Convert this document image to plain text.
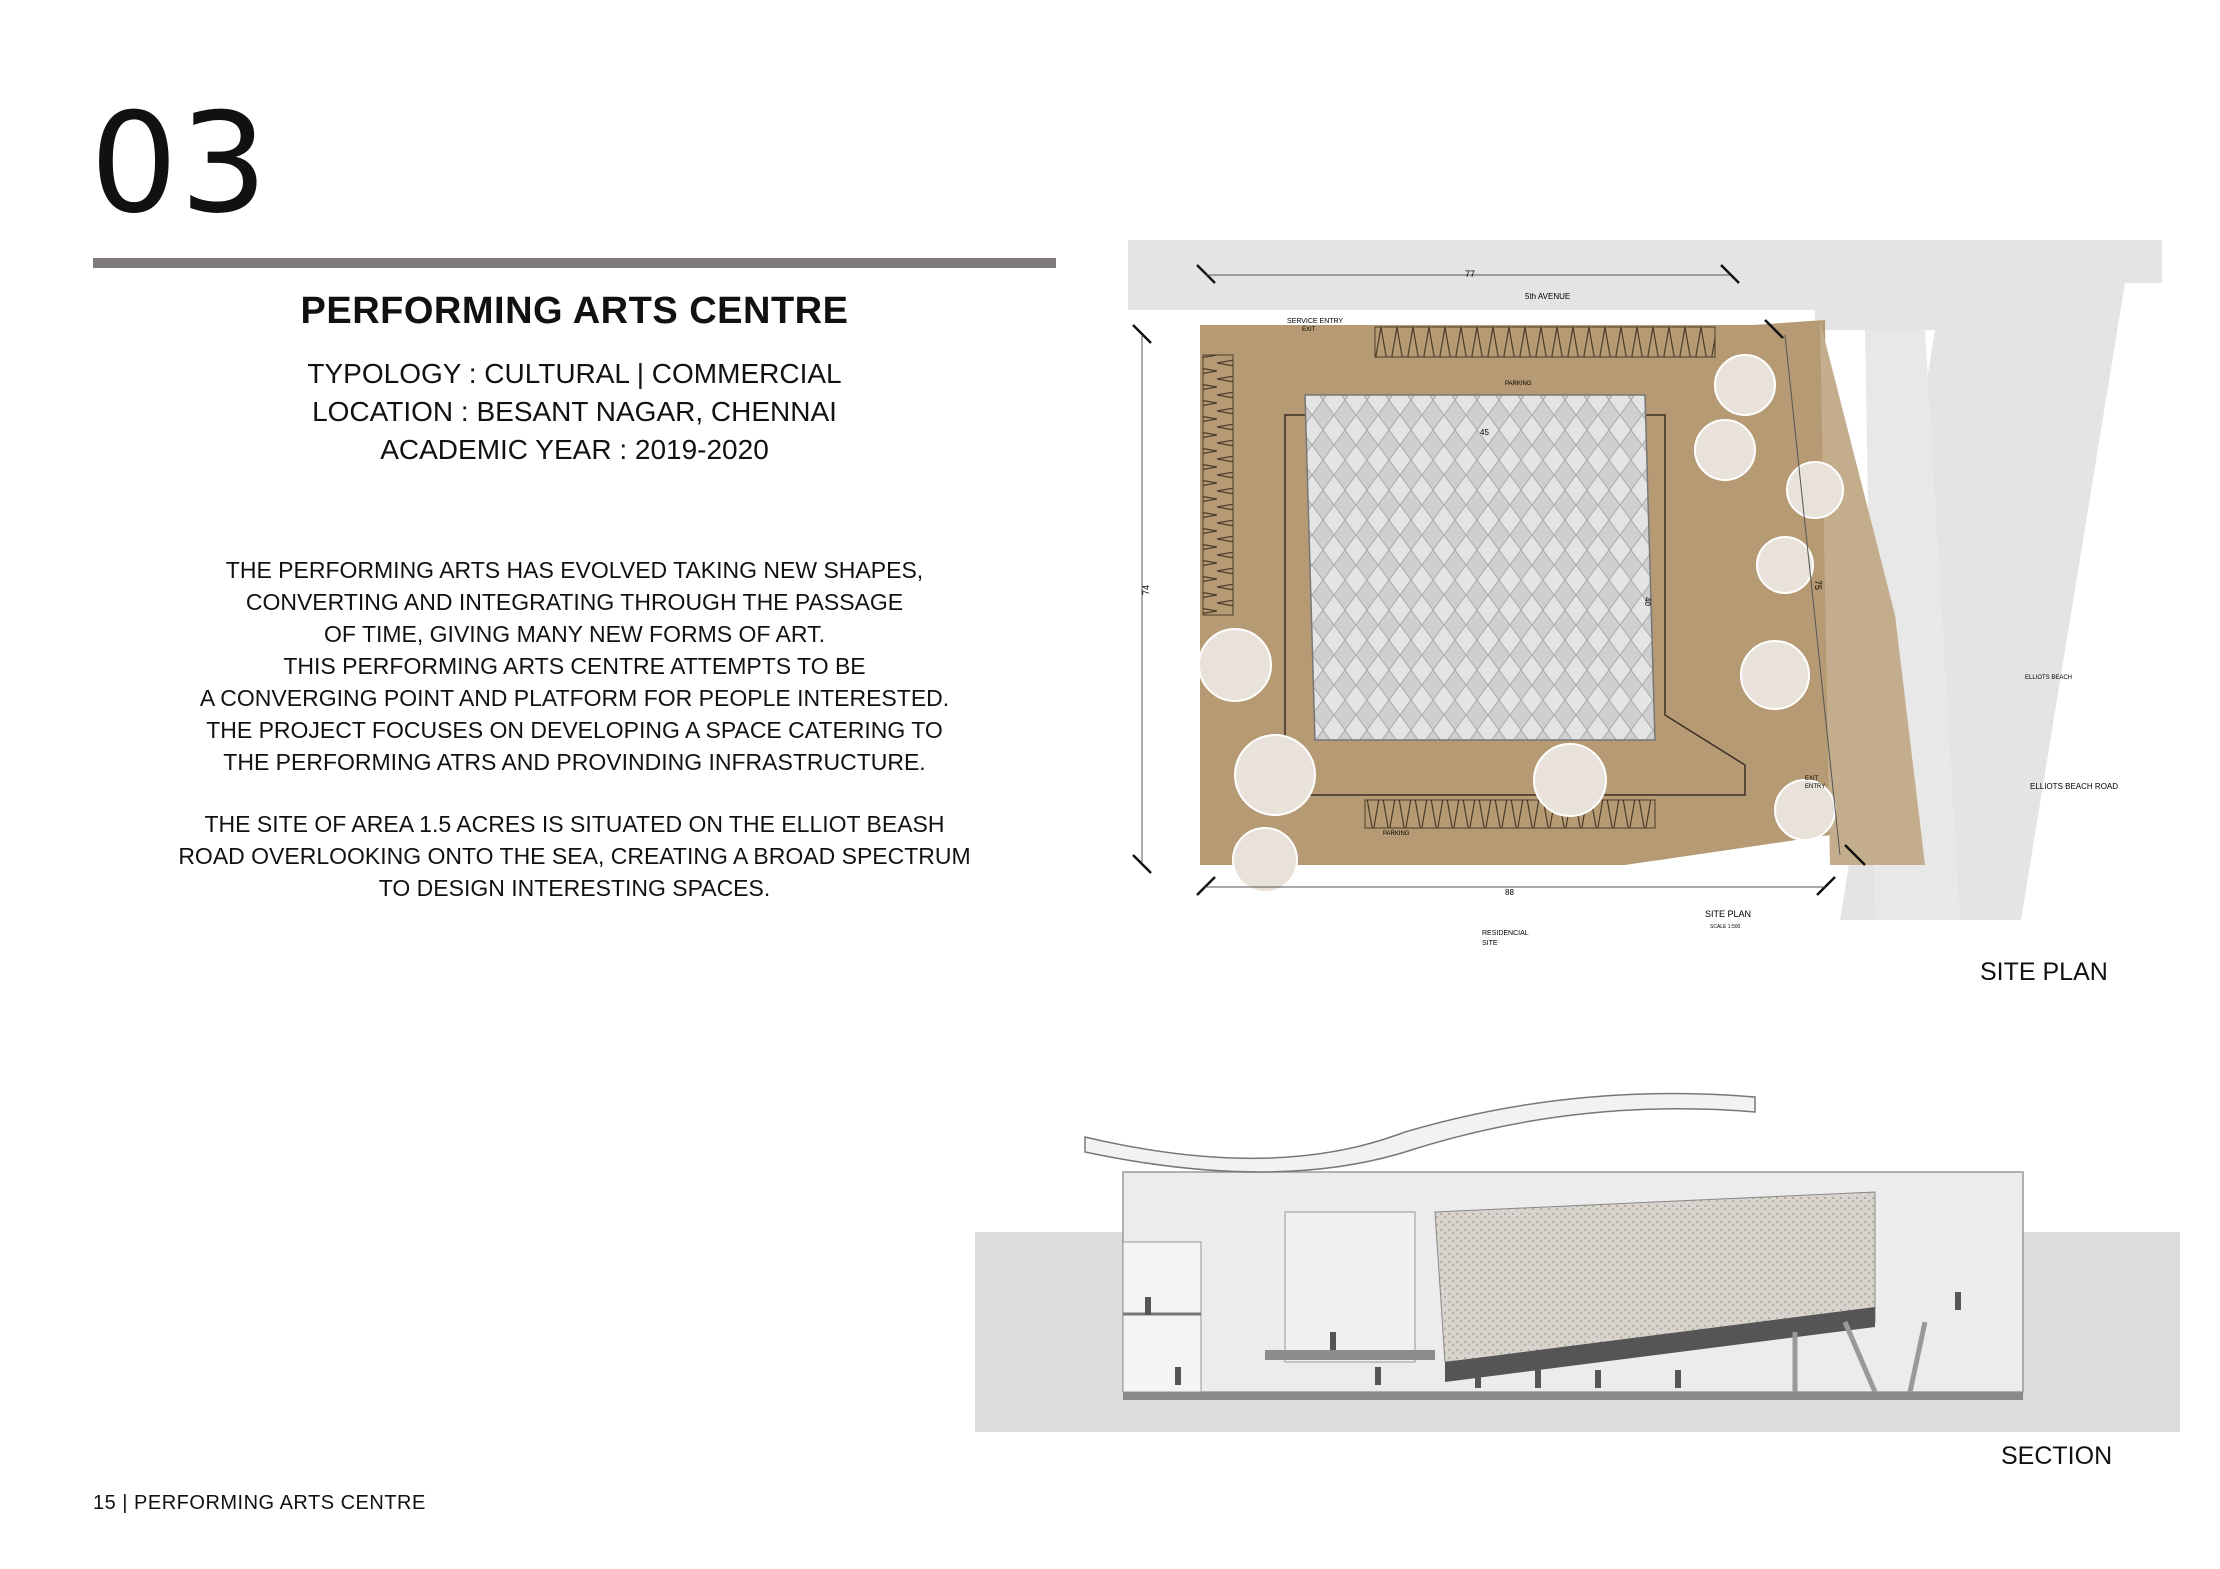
03
PERFORMING ARTS CENTRE
TYPOLOGY : CULTURAL | COMMERCIAL
LOCATION : BESANT NAGAR, CHENNAI
ACADEMIC YEAR : 2019-2020
THE PERFORMING ARTS HAS EVOLVED TAKING NEW SHAPES,
CONVERTING AND INTEGRATING THROUGH THE PASSAGE
OF TIME, GIVING MANY NEW FORMS OF ART.
THIS PERFORMING ARTS CENTRE ATTEMPTS TO BE
A CONVERGING POINT AND PLATFORM FOR PEOPLE INTERESTED.
THE PROJECT FOCUSES ON DEVELOPING A SPACE CATERING TO
THE PERFORMING ATRS AND PROVINDING INFRASTRUCTURE.
THE SITE OF AREA 1.5 ACRES IS SITUATED ON THE ELLIOT BEASH
ROAD OVERLOOKING ONTO THE SEA, CREATING A BROAD SPECTRUM
TO DESIGN INTERESTING SPACES.
77
5th AVENUE
SERVICE ENTRY
EXIT
PARKING
45
40
74	75
PARKING
EXIT
ENTRY	ELLIOTS BEACH ROAD
ELLIOTS BEACH
88
SITE PLAN
SCALE 1:500
RESIDENCIAL
SITE
SITE PLAN
SECTION
15 | PERFORMING ARTS CENTRE
